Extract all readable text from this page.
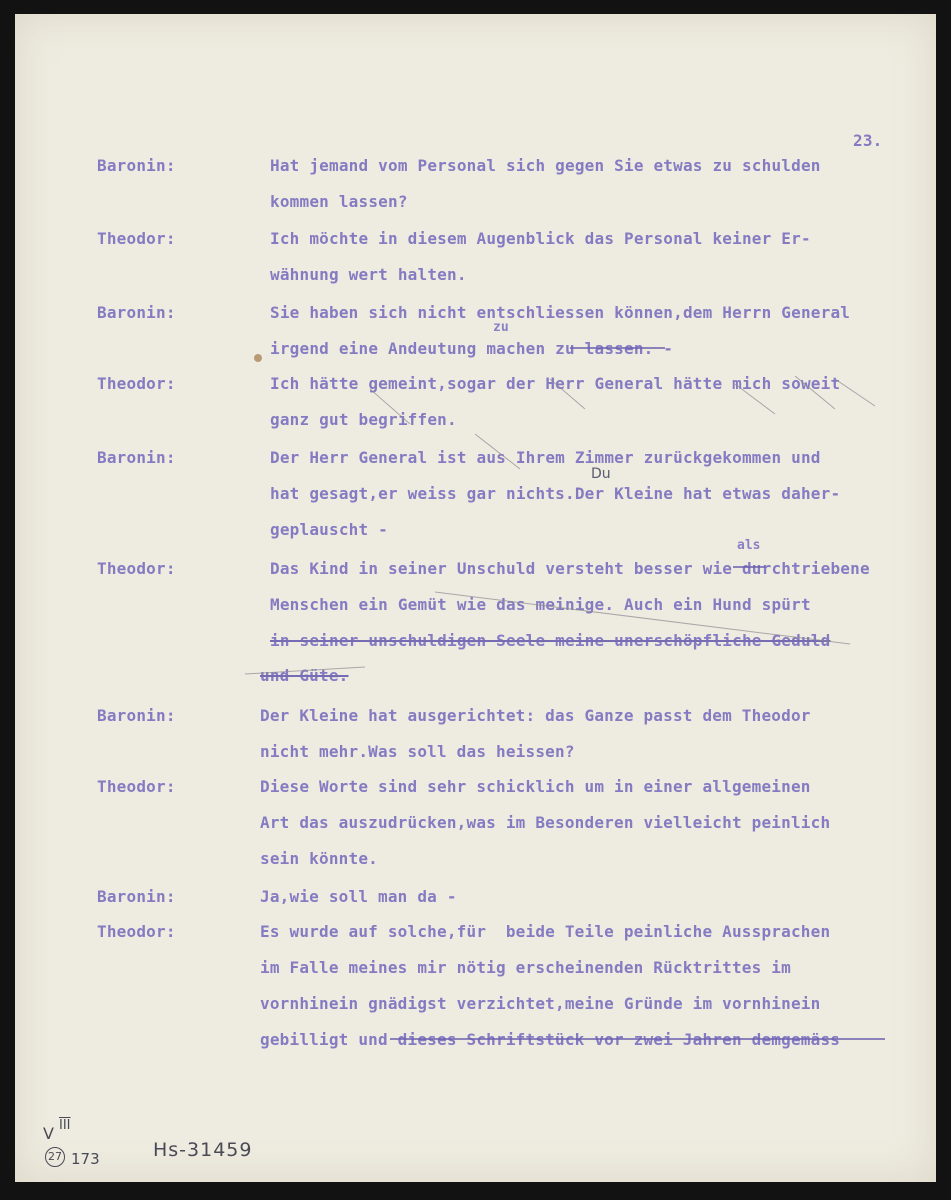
23.
Baronin:
Theodor:
Baronin:
Theodor:
Baronin:
Theodor:
Baronin:
Theodor:
Baronin:
Theodor:
Hat jemand vom Personal sich gegen Sie etwas zu schulden
kommen lassen?
Ich möchte in diesem Augenblick das Personal keiner Er-
wähnung wert halten.
Sie haben sich nicht entschliessen können,dem Herrn General
irgend eine Andeutung machen zu lassen. -
Ich hätte gemeint,sogar der Herr General hätte mich soweit
ganz gut begriffen.
Der Herr General ist aus Ihrem Zimmer zurückgekommen und
hat gesagt,er weiss gar nichts.Der Kleine hat etwas daher-
geplauscht -
Das Kind in seiner Unschuld versteht besser wie durchtriebene
Menschen ein Gemüt wie das meinige. Auch ein Hund spürt
in seiner unschuldigen Seele meine unerschöpfliche Geduld
und Güte.
Der Kleine hat ausgerichtet: das Ganze passt dem Theodor
nicht mehr.Was soll das heissen?
Diese Worte sind sehr schicklich um in einer allgemeinen
Art das auszudrücken,was im Besonderen vielleicht peinlich
sein könnte.
Ja,wie soll man da -
Es wurde auf solche,für  beide Teile peinliche Aussprachen
im Falle meines mir nötig erscheinenden Rücktrittes im
vornhinein gnädigst verzichtet,meine Gründe im vornhinein
gebilligt und dieses Schriftstück vor zwei Jahren demgemäss
zu
als
Du
V $\overline{III}$
27 173	Hs-31459
